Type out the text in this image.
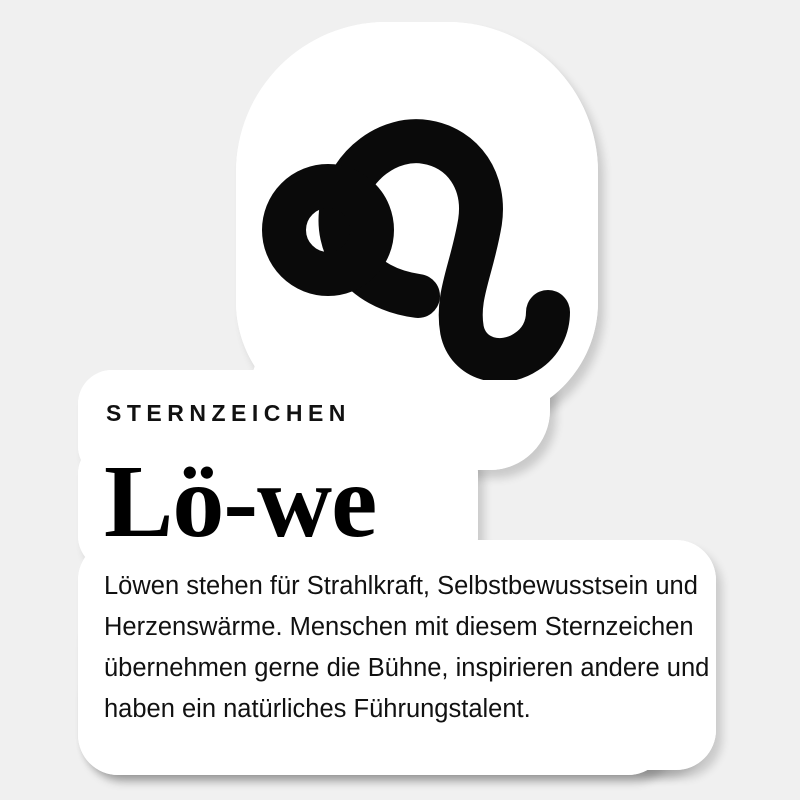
STERNZEICHEN
Lö-we
Löwen stehen für Strahlkraft, Selbstbewusstsein und Herzenswärme. Menschen mit diesem Sternzeichen übernehmen gerne die Bühne, inspirieren andere und haben ein natürliches Führungstalent.
